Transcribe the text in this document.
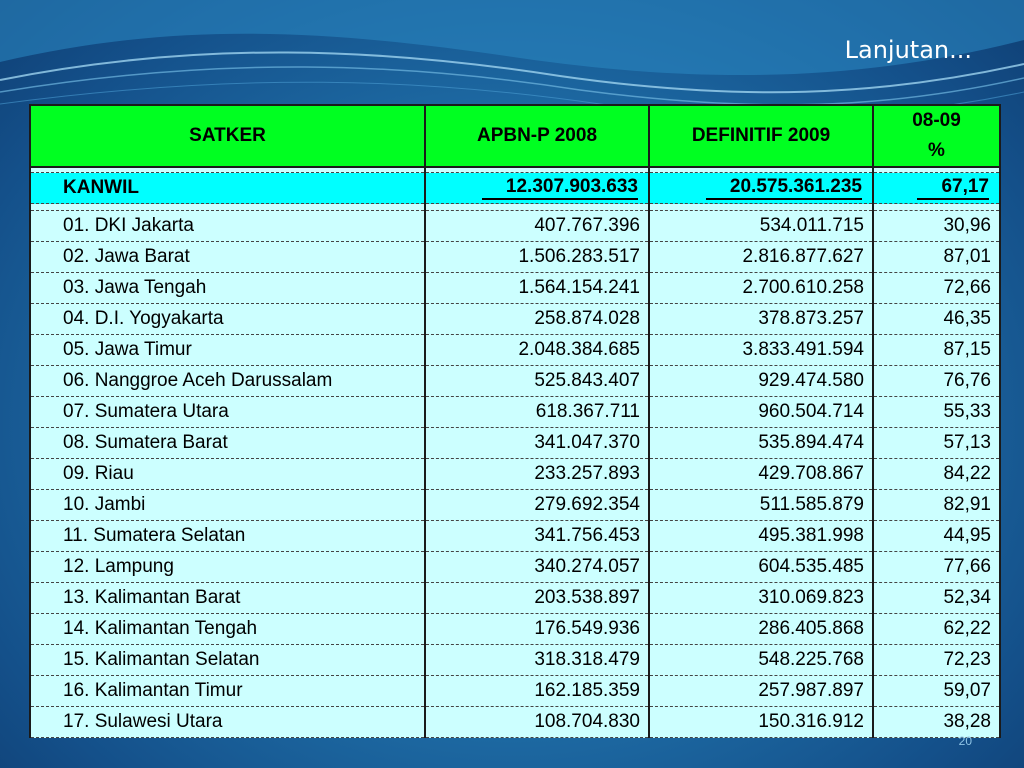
Lanjutan...
SATKER	APBN-P 2008	DEFINITIF 2009	08-09
%

KANWIL	12.307.903.633	20.575.361.235	67,17

01. DKI Jakarta	407.767.396	534.011.715	30,96
02. Jawa Barat	1.506.283.517	2.816.877.627	87,01
03. Jawa Tengah	1.564.154.241	2.700.610.258	72,66
04. D.I. Yogyakarta	258.874.028	378.873.257	46,35
05. Jawa Timur	2.048.384.685	3.833.491.594	87,15
06. Nanggroe Aceh Darussalam	525.843.407	929.474.580	76,76
07. Sumatera Utara	618.367.711	960.504.714	55,33
08. Sumatera Barat	341.047.370	535.894.474	57,13
09. Riau	233.257.893	429.708.867	84,22
10. Jambi	279.692.354	511.585.879	82,91
11. Sumatera Selatan	341.756.453	495.381.998	44,95
12. Lampung	340.274.057	604.535.485	77,66
13. Kalimantan Barat	203.538.897	310.069.823	52,34
14. Kalimantan Tengah	176.549.936	286.405.868	62,22
15. Kalimantan Selatan	318.318.479	548.225.768	72,23
16. Kalimantan Timur	162.185.359	257.987.897	59,07
17. Sulawesi Utara	108.704.830	150.316.912	38,28
20
